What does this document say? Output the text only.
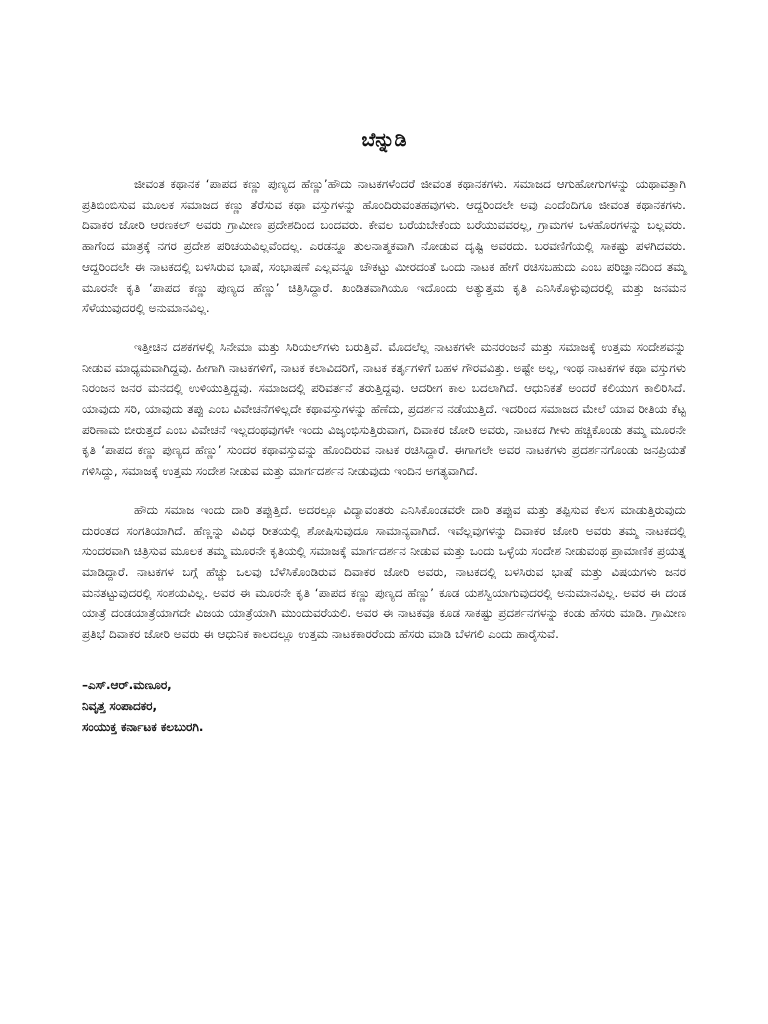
ಬೆನ್ನುಡಿ

ಜೀವಂತ ಕಥಾನಕ ‘ಪಾಪದ ಕಣ್ಣು ಪುಣ್ಯದ ಹೆಣ್ಣು’ಹೌದು ನಾಟಕಗಳೆಂದರೆ ಜೀವಂತ ಕಥಾನಕಗಳು. ಸಮಾಜದ ಆಗುಹೋಗುಗಳನ್ನು ಯಥಾವತ್ತಾಗಿ ಪ್ರತಿಬಿಂಬಿಸುವ ಮೂಲಕ ಸಮಾಜದ ಕಣ್ಣು ತೆರೆಸುವ ಕಥಾ ವಸ್ತುಗಳನ್ನು ಹೊಂದಿರುವಂತಹವುಗಳು. ಆದ್ದರಿಂದಲೇ ಅವು ಎಂದೆಂದಿಗೂ ಜೀವಂತ ಕಥಾನಕಗಳು. ದಿವಾಕರ ಜೋರಿ ಆರಣಕಲ್ ಅವರು ಗ್ರಾಮೀಣ ಪ್ರದೇಶದಿಂದ ಬಂದವರು. ಕೇವಲ ಬರೆಯಬೇಕೆಂದು ಬರೆಯುವವರಲ್ಲ, ಗ್ರಾಮಗಳ ಒಳಹೊರಗಳನ್ನು ಬಲ್ಲವರು. ಹಾಗೆಂದ ಮಾತ್ರಕ್ಕೆ ನಗರ ಪ್ರದೇಶ ಪರಿಚಯವಿಲ್ಲವೆಂದಲ್ಲ. ಎರಡನ್ನೂ ತುಲನಾತ್ಮಕವಾಗಿ ನೋಡುವ ದೃಷ್ಟಿ ಅವರದು. ಬರವಣಿಗೆಯಲ್ಲಿ ಸಾಕಷ್ಟು ಪಳಗಿದವರು. ಆದ್ದರಿಂದಲೇ ಈ ನಾಟಕದಲ್ಲಿ ಬಳಸಿರುವ ಭಾಷೆ, ಸಂಭಾಷಣೆ ಎಲ್ಲವನ್ನೂ ಚೌಕಟ್ಟು ಮೀರದಂತೆ ಒಂದು ನಾಟಕ ಹೇಗೆ ರಚಿಸಬಹುದು ಎಂಬ ಪರಿಜ್ಞಾನದಿಂದ ತಮ್ಮ ಮೂರನೇ ಕೃತಿ ‘ಪಾಪದ ಕಣ್ಣು ಪುಣ್ಯದ ಹೆಣ್ಣು’ ಚಿತ್ರಿಸಿದ್ದಾರೆ. ಖಂಡಿತವಾಗಿಯೂ ಇದೊಂದು ಅತ್ಯುತ್ತಮ ಕೃತಿ ಎನಿಸಿಕೊಳ್ಳುವುದರಲ್ಲಿ ಮತ್ತು ಜನಮನ ಸೆಳೆಯುವುದರಲ್ಲಿ ಅನುಮಾನವಿಲ್ಲ.

ಇತ್ತೀಚಿನ ದಶಕಗಳಲ್ಲಿ ಸಿನೇಮಾ ಮತ್ತು ಸಿರಿಯಲ್‌ಗಳು ಬರುತ್ತಿವೆ. ಮೊದಲೆಲ್ಲ ನಾಟಕಗಳೇ ಮನರಂಜನೆ ಮತ್ತು ಸಮಾಜಕ್ಕೆ ಉತ್ತಮ ಸಂದೇಶವನ್ನು ನೀಡುವ ಮಾಧ್ಯಮವಾಗಿದ್ದವು. ಹೀಗಾಗಿ ನಾಟಕಗಳಿಗೆ, ನಾಟಕ ಕಲಾವಿದರಿಗೆ, ನಾಟಕ ಕರ್ತೃಗಳಿಗೆ ಬಹಳ ಗೌರವವಿತ್ತು. ಅಷ್ಟೇ ಅಲ್ಲ, ಇಂಥ ನಾಟಕಗಳ ಕಥಾ ವಸ್ತುಗಳು ನಿರಂಜನ ಜನರ ಮನದಲ್ಲಿ ಉಳಿಯುತ್ತಿದ್ದವು. ಸಮಾಜದಲ್ಲಿ ಪರಿವರ್ತನೆ ತರುತ್ತಿದ್ದವು. ಆದರೀಗ ಕಾಲ ಬದಲಾಗಿದೆ. ಆಧುನಿಕತೆ ಅಂದರೆ ಕಲಿಯುಗ ಕಾಲಿರಿಸಿದೆ. ಯಾವುದು ಸರಿ, ಯಾವುದು ತಪ್ಪು ಎಂಬ ವಿವೇಚನೆಗಳಿಲ್ಲದೇ ಕಥಾವಸ್ತುಗಳನ್ನು ಹೆಣೆದು, ಪ್ರದರ್ಶನ ನಡೆಯುತ್ತಿದೆ. ಇದರಿಂದ ಸಮಾಜದ ಮೇಲೆ ಯಾವ ರೀತಿಯ ಕೆಟ್ಟ ಪರಿಣಾಮ ಬೀರುತ್ತದೆ ಎಂಬ ವಿವೇಚನೆ ಇಲ್ಲದಂಥವುಗಳೇ ಇಂದು ವಿಜೃಂಭಿಸುತ್ತಿರುವಾಗ, ದಿವಾಕರ ಜೋರಿ ಅವರು, ನಾಟಕದ ಗೀಳು ಹಚ್ಚಿಕೊಂಡು ತಮ್ಮ ಮೂರನೇ ಕೃತಿ ‘ಪಾಪದ ಕಣ್ಣು ಪುಣ್ಯದ ಹೆಣ್ಣು’ ಸುಂದರ ಕಥಾವಸ್ತುವನ್ನು ಹೊಂದಿರುವ ನಾಟಕ ರಚಿಸಿದ್ದಾರೆ. ಈಗಾಗಲೇ ಅವರ ನಾಟಕಗಳು ಪ್ರದರ್ಶನಗೊಂಡು ಜನಪ್ರಿಯತೆ ಗಳಿಸಿದ್ದು, ಸಮಾಜಕ್ಕೆ ಉತ್ತಮ ಸಂದೇಶ ನೀಡುವ ಮತ್ತು ಮಾರ್ಗದರ್ಶನ ನೀಡುವುದು ಇಂದಿನ ಅಗತ್ಯವಾಗಿದೆ.

ಹೌದು ಸಮಾಜ ಇಂದು ದಾರಿ ತಪ್ಪುತ್ತಿದೆ. ಅದರಲ್ಲೂ ವಿದ್ಯಾವಂತರು ಎನಿಸಿಕೊಂಡವರೇ ದಾರಿ ತಪ್ಪುವ ಮತ್ತು ತಪ್ಪಿಸುವ ಕೆಲಸ ಮಾಡುತ್ತಿರುವುದು ದುರಂತದ ಸಂಗತಿಯಾಗಿದೆ. ಹೆಣ್ಣನ್ನು ವಿವಿಧ ರೀತಯಲ್ಲಿ ಶೋಷಿಸುವುದೂ ಸಾಮಾನ್ಯವಾಗಿದೆ. ಇವೆಲ್ಲವುಗಳನ್ನು ದಿವಾಕರ ಜೋರಿ ಅವರು ತಮ್ಮ ನಾಟಕದಲ್ಲಿ ಸುಂದರವಾಗಿ ಚಿತ್ರಿಸುವ ಮೂಲಕ ತಮ್ಮ ಮೂರನೇ ಕೃತಿಯಲ್ಲಿ ಸಮಾಜಕ್ಕೆ ಮಾರ್ಗದರ್ಶನ ನೀಡುವ ಮತ್ತು ಒಂದು ಒಳ್ಳೆಯ ಸಂದೇಶ ನೀಡುವಂಥ ಪ್ರಾಮಾಣಿಕ ಪ್ರಯತ್ನ ಮಾಡಿದ್ದಾರೆ. ನಾಟಕಗಳ ಬಗ್ಗೆ ಹೆಚ್ಚು ಒಲವು ಬೆಳೆಸಿಕೊಂಡಿರುವ ದಿವಾಕರ ಜೋರಿ ಅವರು, ನಾಟಕದಲ್ಲಿ ಬಳಸಿರುವ ಭಾಷೆ ಮತ್ತು ವಿಷಯಗಳು ಜನರ ಮನತಟ್ಟುವುದರಲ್ಲಿ ಸಂಶಯವಿಲ್ಲ. ಅವರ ಈ ಮೂರನೇ ಕೃತಿ ‘ಪಾಪದ ಕಣ್ಣು ಪುಣ್ಯದ ಹೆಣ್ಣು’ ಕೂಡ ಯಶಸ್ವಿಯಾಗುವುದರಲ್ಲಿ ಅನುಮಾನವಿಲ್ಲ. ಅವರ ಈ ದಂಡ ಯಾತ್ರೆ ದಂಡಯಾತ್ರೆಯಾಗದೇ ವಿಜಯ ಯಾತ್ರೆಯಾಗಿ ಮುಂದುವರೆಯಲಿ. ಅವರ ಈ ನಾಟಕವೂ ಕೂಡ ಸಾಕಷ್ಟು ಪ್ರದರ್ಶನಗಳನ್ನು ಕಂಡು ಹೆಸರು ಮಾಡಿ. ಗ್ರಾಮೀಣ ಪ್ರತಿಭೆ ದಿವಾಕರ ಜೋರಿ ಅವರು ಈ ಆಧುನಿಕ ಕಾಲದಲ್ಲೂ ಉತ್ತಮ ನಾಟಕಕಾರರೆಂದು ಹೆಸರು ಮಾಡಿ ಬೆಳಗಲಿ ಎಂದು ಹಾರೈಸುವೆ.

–ಎಸ್.ಆರ್.ಮಣೂರ,
ನಿವೃತ್ತ ಸಂಪಾದಕರ,
ಸಂಯುಕ್ತ ಕರ್ನಾಟಕ ಕಲಬುರಗಿ.
